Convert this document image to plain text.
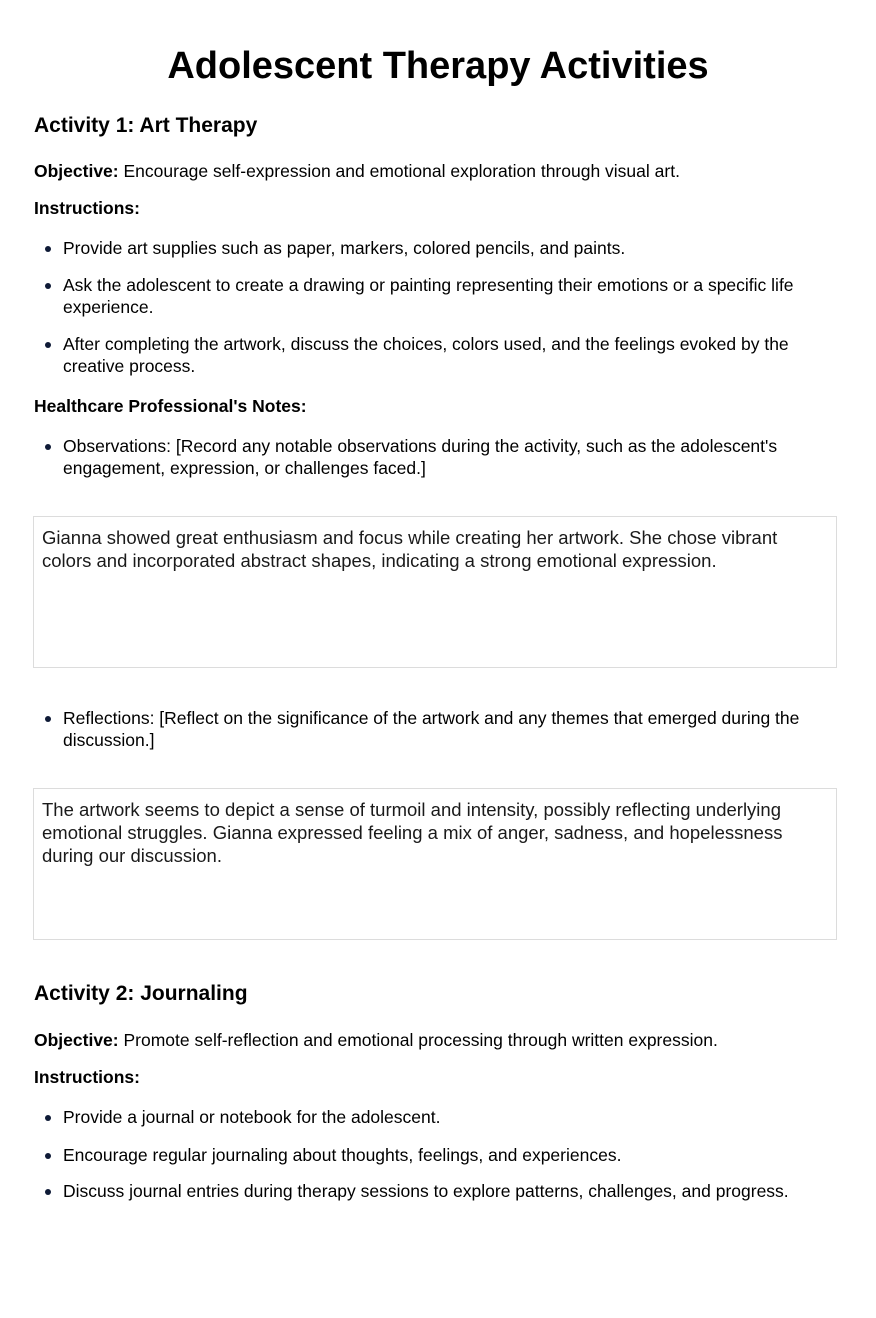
Adolescent Therapy Activities
Activity 1: Art Therapy

Objective: Encourage self-expression and emotional exploration through visual art.

Instructions:

Provide art supplies such as paper, markers, colored pencils, and paints.
Ask the adolescent to create a drawing or painting representing their emotions or a specific life experience.
After completing the artwork, discuss the choices, colors used, and the feelings evoked by the creative process.

Healthcare Professional's Notes:

Observations: [Record any notable observations during the activity, such as the adolescent's engagement, expression, or challenges faced.]
Gianna showed great enthusiasm and focus while creating her artwork. She chose vibrant colors and incorporated abstract shapes, indicating a strong emotional expression.
Reflections: [Reflect on the significance of the artwork and any themes that emerged during the discussion.]
The artwork seems to depict a sense of turmoil and intensity, possibly reflecting underlying emotional struggles. Gianna expressed feeling a mix of anger, sadness, and hopelessness during our discussion.
Activity 2: Journaling

Objective: Promote self-reflection and emotional processing through written expression.

Instructions:

Provide a journal or notebook for the adolescent.
Encourage regular journaling about thoughts, feelings, and experiences.
Discuss journal entries during therapy sessions to explore patterns, challenges, and progress.
